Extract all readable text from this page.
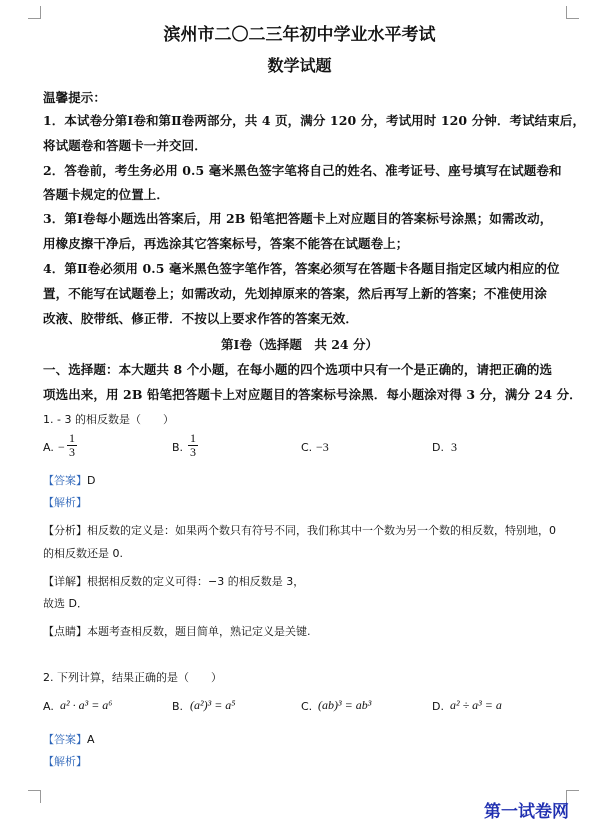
滨州市二〇二三年初中学业水平考试
数学试题
温馨提示：
1．本试卷分第Ⅰ卷和第Ⅱ卷两部分，共 4 页，满分 120 分，考试用时 120 分钟．考试结束后，
将试题卷和答题卡一并交回．
2．答卷前，考生务必用 0.5 毫米黑色签字笔将自己的姓名、准考证号、座号填写在试题卷和
答题卡规定的位置上．
3．第Ⅰ卷每小题选出答案后，用 2B 铅笔把答题卡上对应题目的答案标号涂黑；如需改动，
用橡皮擦干净后，再选涂其它答案标号，答案不能答在试题卷上；
4．第Ⅱ卷必须用 0.5 毫米黑色签字笔作答，答案必须写在答题卡各题目指定区域内相应的位
置，不能写在试题卷上；如需改动，先划掉原来的答案，然后再写上新的答案；不准使用涂
改液、胶带纸、修正带．不按以上要求作答的答案无效．
第Ⅰ卷（选择题　共 24 分）
一、选择题：本大题共 8 个小题，在每小题的四个选项中只有一个是正确的，请把正确的选
项选出来，用 2B 铅笔把答题卡上对应题目的答案标号涂黑．每小题涂对得 3 分，满分 24 分．
1. - 3 的相反数是（　　）
A. −
1
3	B.
1
3	C. −3	D. 3
【答案】D
【解析】
【分析】相反数的定义是：如果两个数只有符号不同，我们称其中一个数为另一个数的相反数，特别地，0
的相反数还是 0.
【详解】根据相反数的定义可得：−3 的相反数是 3，
故选 D．
【点睛】本题考查相反数，题目简单，熟记定义是关键.
2. 下列计算，结果正确的是（　　）
A. a² · a³ = a⁶	B. (a²)³ = a⁵	C. (ab)³ = ab³	D. a² ÷ a³ = a
【答案】A
【解析】
第一试卷网
